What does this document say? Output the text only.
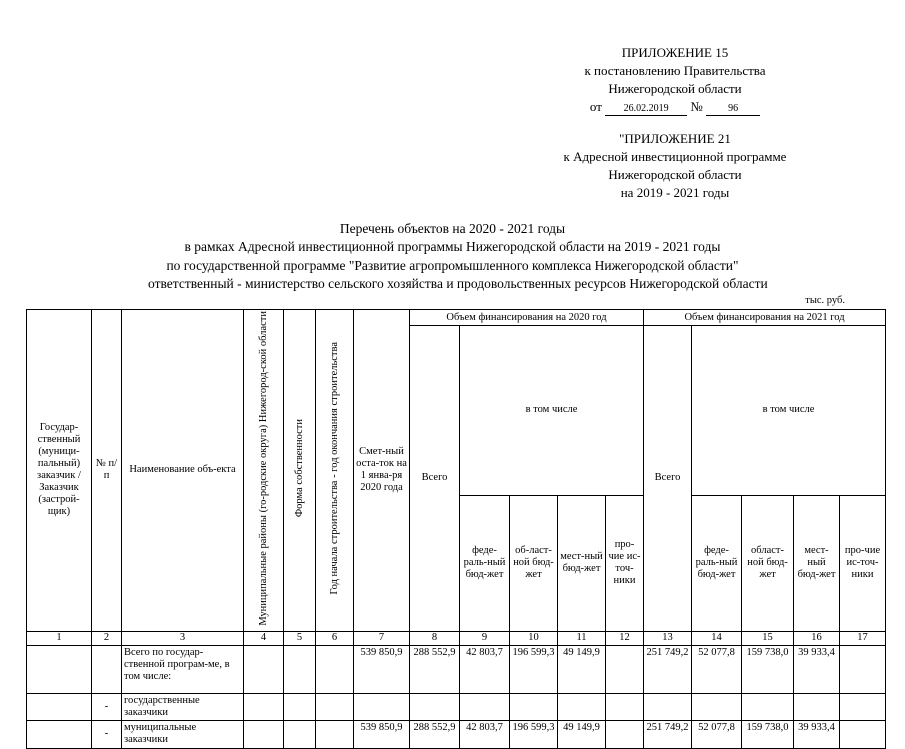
ПРИЛОЖЕНИЕ 15
к постановлению Правительства
Нижегородской области
от 26.02.2019 №	96
"ПРИЛОЖЕНИЕ 21
к Адресной инвестиционной программе
Нижегородской области
на 2019 - 2021 годы
Перечень объектов на 2020 - 2021 годы
в рамках Адресной инвестиционной программы Нижегородской области на 2019 - 2021 годы
по государственной программе "Развитие агропромышленного комплекса Нижегородской области"
ответственный - министерство сельского хозяйства и продовольственных ресурсов Нижегородской области
тыс. руб.
Государ-ственный (муници-пальный) заказчик / Заказчик (застрой-щик)	№ п/п	Наименование объ-екта	Муниципальные районы (го-родские округа) Нижегород-ской области	Форма собственности	Год начала строительства - год окончания строительства	Смет-ный оста-ток на 1 янва-ря 2020 года	Объем финансирования на 2020 год					Объем финансирования на 2021 год				
							Всего	в том числе				Всего	в том числе			
								феде-раль-ный бюд-жет	об-ласт-ной бюд-жет	мест-ный бюд-жет	про-чие ис-точ-ники		феде-раль-ный бюд-жет	област-ной бюд-жет	мест-ный бюд-жет	про-чие ис-точ-ники
1	2	3	4	5	6	7	8	9	10	11	12	13	14	15	16	17
		Всего по государ-ственной програм-ме, в том числе:				539 850,9	288 552,9	42 803,7	196 599,3	49 149,9		251 749,2	52 077,8	159 738,0	39 933,4	
	-	государственные заказчики														
	-	муниципальные заказчики				539 850,9	288 552,9	42 803,7	196 599,3	49 149,9		251 749,2	52 077,8	159 738,0	39 933,4	
